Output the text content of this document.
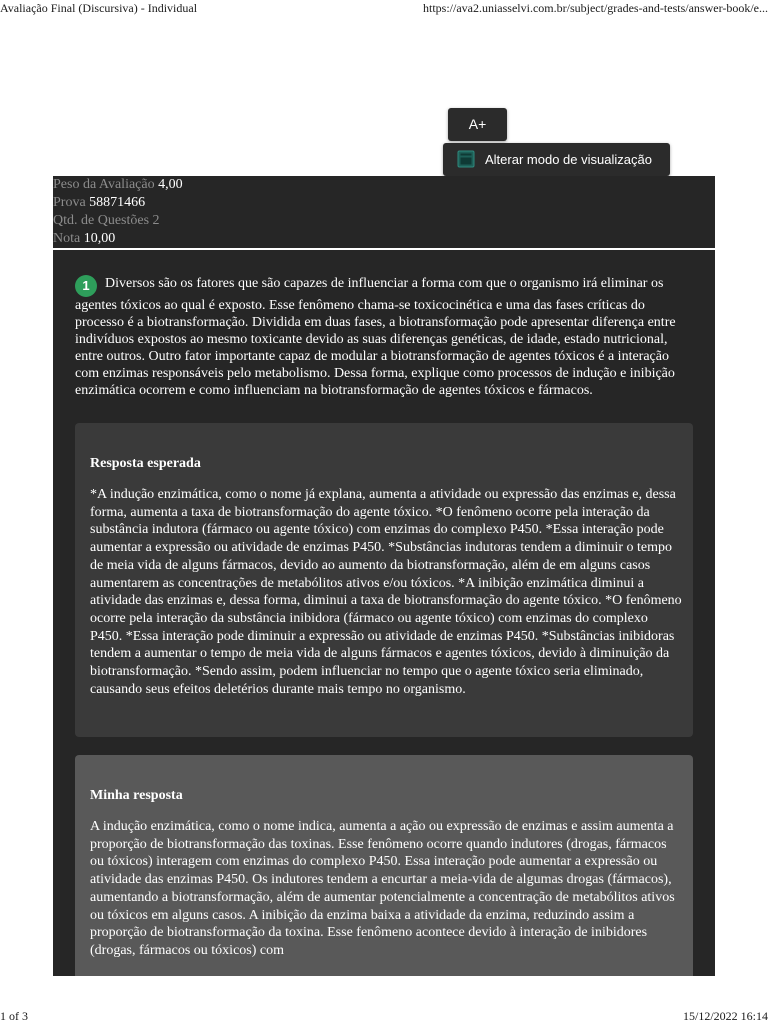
Avaliação Final (Discursiva) - Individual	https://ava2.uniasselvi.com.br/subject/grades-and-tests/answer-book/e...
A+
Alterar modo de visualização
Peso da Avaliação 4,00
Prova 58871466
Qtd. de Questões 2
Nota 10,00
1 Diversos são os fatores que são capazes de influenciar a forma com que o organismo irá eliminar os agentes tóxicos ao qual é exposto. Esse fenômeno chama-se toxicocinética e uma das fases críticas do processo é a biotransformação. Dividida em duas fases, a biotransformação pode apresentar diferença entre indivíduos expostos ao mesmo toxicante devido as suas diferenças genéticas, de idade, estado nutricional, entre outros. Outro fator importante capaz de modular a biotransformação de agentes tóxicos é a interação com enzimas responsáveis pelo metabolismo. Dessa forma, explique como processos de indução e inibição enzimática ocorrem e como influenciam na biotransformação de agentes tóxicos e fármacos.
Resposta esperada
*A indução enzimática, como o nome já explana, aumenta a atividade ou expressão das enzimas e, dessa forma, aumenta a taxa de biotransformação do agente tóxico. *O fenômeno ocorre pela interação da substância indutora (fármaco ou agente tóxico) com enzimas do complexo P450. *Essa interação pode aumentar a expressão ou atividade de enzimas P450. *Substâncias indutoras tendem a diminuir o tempo de meia vida de alguns fármacos, devido ao aumento da biotransformação, além de em alguns casos aumentarem as concentrações de metabólitos ativos e/ou tóxicos. *A inibição enzimática diminui a atividade das enzimas e, dessa forma, diminui a taxa de biotransformação do agente tóxico. *O fenômeno ocorre pela interação da substância inibidora (fármaco ou agente tóxico) com enzimas do complexo P450. *Essa interação pode diminuir a expressão ou atividade de enzimas P450. *Substâncias inibidoras tendem a aumentar o tempo de meia vida de alguns fármacos e agentes tóxicos, devido à diminuição da biotransformação. *Sendo assim, podem influenciar no tempo que o agente tóxico seria eliminado, causando seus efeitos deletérios durante mais tempo no organismo.
Minha resposta
A indução enzimática, como o nome indica, aumenta a ação ou expressão de enzimas e assim aumenta a proporção de biotransformação das toxinas. Esse fenômeno ocorre quando indutores (drogas, fármacos ou tóxicos) interagem com enzimas do complexo P450. Essa interação pode aumentar a expressão ou atividade das enzimas P450. Os indutores tendem a encurtar a meia-vida de algumas drogas (fármacos), aumentando a biotransformação, além de aumentar potencialmente a concentração de metabólitos ativos ou tóxicos em alguns casos. A inibição da enzima baixa a atividade da enzima, reduzindo assim a proporção de biotransformação da toxina. Esse fenômeno acontece devido à interação de inibidores (drogas, fármacos ou tóxicos) com
1 of 3	15/12/2022 16:14
